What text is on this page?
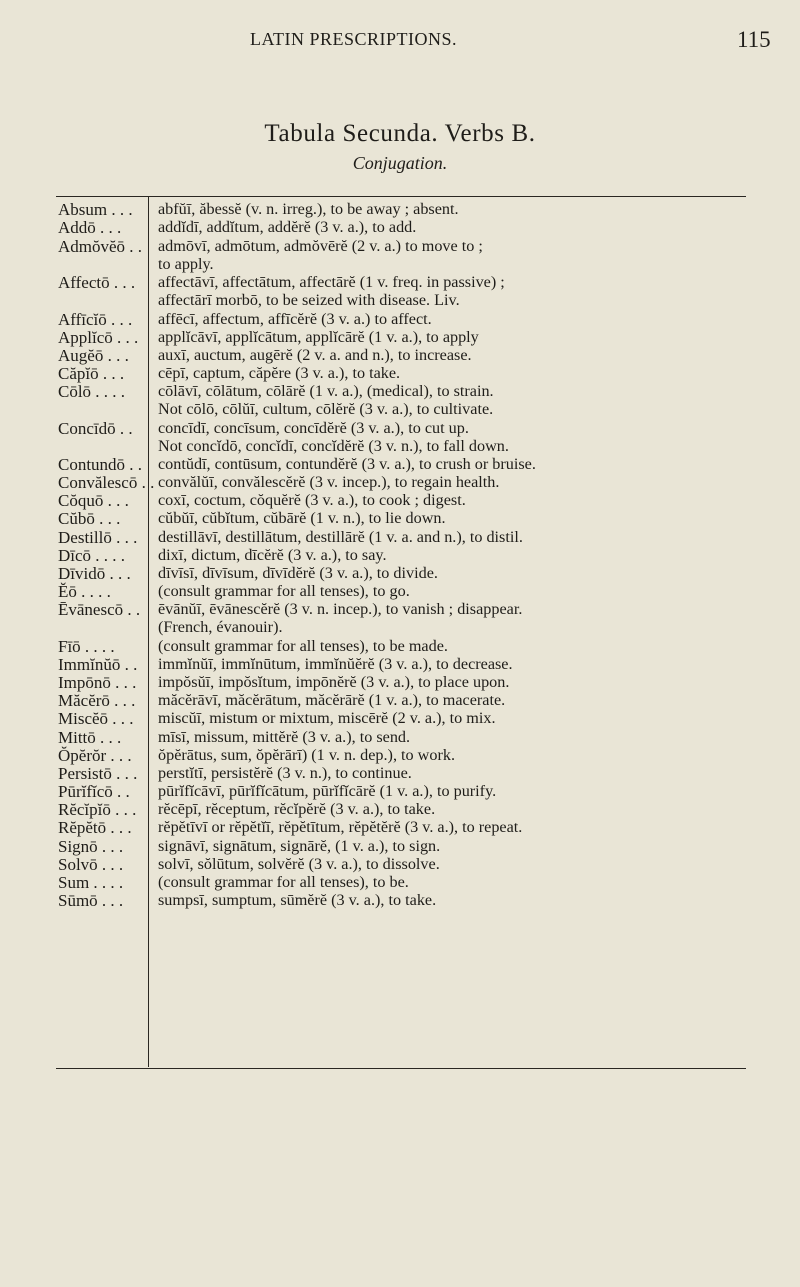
LATIN PRESCRIPTIONS.	115
Tabula Secunda. Verbs B.
Conjugation.
Absum . . .
Addō . . .
Admŏvĕō . .
Affectō . . .
Affīcĭō . . .
Applĭcō . . .
Augĕō . . .
Căpĭō . . .
Cōlō . . . .
Concīdō . .
Contundō . .
Convălescō . .
Cŏquō . . .
Cŭbō . . .
Destillō . . .
Dīcō . . . .
Dīvidō . . .
Ĕō . . . .
Ēvānescō . .
Fīō . . . .
Immĭnŭō . .
Impōnō . . .
Măcĕrō . . .
Miscĕō . . .
Mittō . . .
Ŏpĕrŏr . . .
Persistō . . .
Pūrĭfĭcō . .
Rĕcĭpĭō . . .
Rĕpĕtō . . .
Signō . . .
Solvō . . .
Sum . . . .
Sūmō . . .
abfŭī, ăbessĕ (v. n. irreg.), to be away ; absent.
addĭdī, addĭtum, addĕrĕ (3 v. a.), to add.
admōvī, admōtum, admŏvērĕ (2 v. a.) to move to ;
to apply.
affectāvī, affectātum, affectārĕ (1 v. freq. in passive) ;
affectārī morbō, to be seized with disease. Liv.
affēcī, affectum, affīcĕrĕ (3 v. a.) to affect.
applĭcāvī, applĭcātum, applĭcārĕ (1 v. a.), to apply
auxī, auctum, augērĕ (2 v. a. and n.), to increase.
cēpī, captum, căpĕre (3 v. a.), to take.
cōlāvī, cōlātum, cōlārĕ (1 v. a.), (medical), to strain.
Not cōlō, cōlŭī, cultum, cōlĕrĕ (3 v. a.), to cultivate.
concīdī, concīsum, concīdĕrĕ (3 v. a.), to cut up.
Not concĭdō, concĭdī, concĭdĕrĕ (3 v. n.), to fall down.
contŭdī, contūsum, contundĕrĕ (3 v. a.), to crush or bruise.
convălŭī, convălescĕrĕ (3 v. incep.), to regain health.
coxī, coctum, cŏquĕrĕ (3 v. a.), to cook ; digest.
cŭbŭī, cŭbĭtum, cŭbārĕ (1 v. n.), to lie down.
destillāvī, destillātum, destillārĕ (1 v. a. and n.), to distil.
dixī, dictum, dīcĕrĕ (3 v. a.), to say.
dīvīsī, dīvīsum, dīvīdĕrĕ (3 v. a.), to divide.
(consult grammar for all tenses), to go.
ēvānŭī, ēvānescĕrĕ (3 v. n. incep.), to vanish ; disappear.
(French, évanouir).
(consult grammar for all tenses), to be made.
immĭnŭī, immĭnūtum, immĭnŭĕrĕ (3 v. a.), to decrease.
impŏsŭī, impŏsĭtum, impōnĕrĕ (3 v. a.), to place upon.
măcĕrāvī, măcĕrātum, măcĕrārĕ (1 v. a.), to macerate.
miscŭī, mistum or mixtum, miscērĕ (2 v. a.), to mix.
mīsī, missum, mittĕrĕ (3 v. a.), to send.
ŏpĕrātus, sum, ŏpĕrārī) (1 v. n. dep.), to work.
perstĭtī, persistĕrĕ (3 v. n.), to continue.
pūrĭfĭcāvī, pūrĭfĭcātum, pūrĭfĭcārĕ (1 v. a.), to purify.
rĕcēpī, rĕceptum, rĕcĭpĕrĕ (3 v. a.), to take.
rĕpĕtīvī or rĕpĕtĭī, rĕpĕtītum, rĕpĕtĕrĕ (3 v. a.), to repeat.
signāvī, signātum, signārĕ, (1 v. a.), to sign.
solvī, sŏlūtum, solvĕrĕ (3 v. a.), to dissolve.
(consult grammar for all tenses), to be.
sumpsī, sumptum, sūmĕrĕ (3 v. a.), to take.
